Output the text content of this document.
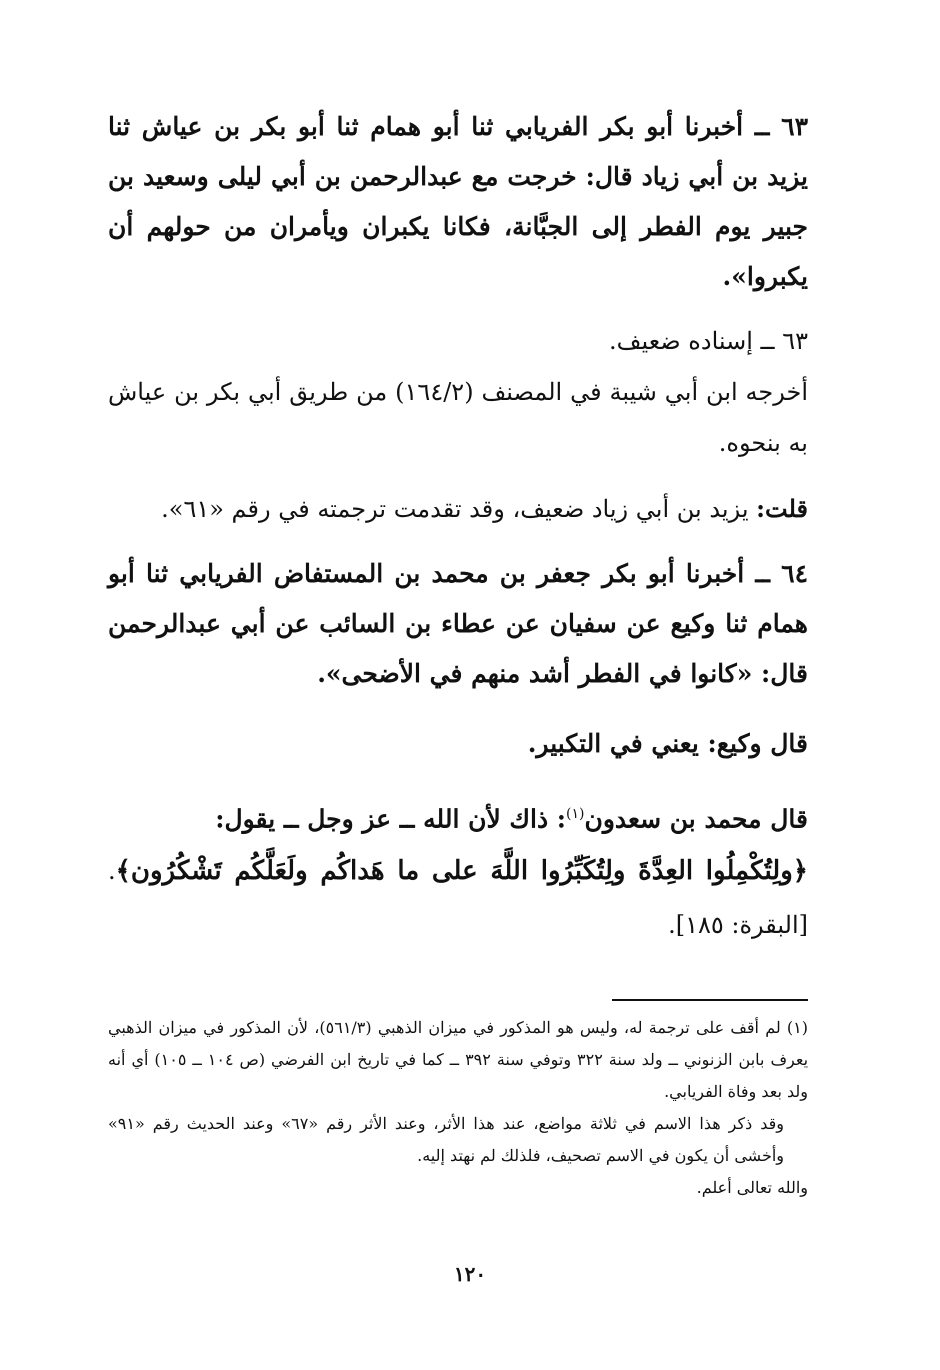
٦٣ ــ أخبرنا أبو بكر الفريابي ثنا أبو همام ثنا أبو بكر بن عياش ثنا يزيد بن أبي زياد قال: خرجت مع عبدالرحمن بن أبي ليلى وسعيد بن جبير يوم الفطر إلى الجبَّانة، فكانا يكبران ويأمران من حولهم أن يكبروا».

٦٣ ــ إسناده ضعيف.

أخرجه ابن أبي شيبة في المصنف (١٦٤/٢) من طريق أبي بكر بن عياش به بنحوه.

قلت: يزيد بن أبي زياد ضعيف، وقد تقدمت ترجمته في رقم «٦١».

٦٤ ــ أخبرنا أبو بكر جعفر بن محمد بن المستفاض الفريابي ثنا أبو همام ثنا وكيع عن سفيان عن عطاء بن السائب عن أبي عبدالرحمن قال: «كانوا في الفطر أشد منهم في الأضحى».

قال وكيع: يعني في التكبير.

قال محمد بن سعدون$^{(١)}$: ذاك لأن الله ــ عز وجل ــ يقول:

﴿ولِتُكْمِلُوا العِدَّةَ ولِتُكَبِّرُوا اللَّهَ على ما هَداكُم ولَعَلَّكُم تَشْكُرُون﴾. [البقرة: ١٨٥].

(١) لم أقف على ترجمة له، وليس هو المذكور في ميزان الذهبي (٥٦١/٣)، لأن المذكور في ميزان الذهبي يعرف بابن الزنوني ــ ولد سنة ٣٢٢ وتوفي سنة ٣٩٢ ــ كما في تاريخ ابن الفرضي (ص ١٠٤ ــ ١٠٥) أي أنه ولد بعد وفاة الفريابي.

وقد ذكر هذا الاسم في ثلاثة مواضع، عند هذا الأثر، وعند الأثر رقم «٦٧» وعند الحديث رقم «٩١» وأخشى أن يكون في الاسم تصحيف، فلذلك لم نهتد إليه.

والله تعالى أعلم.

١٢٠
